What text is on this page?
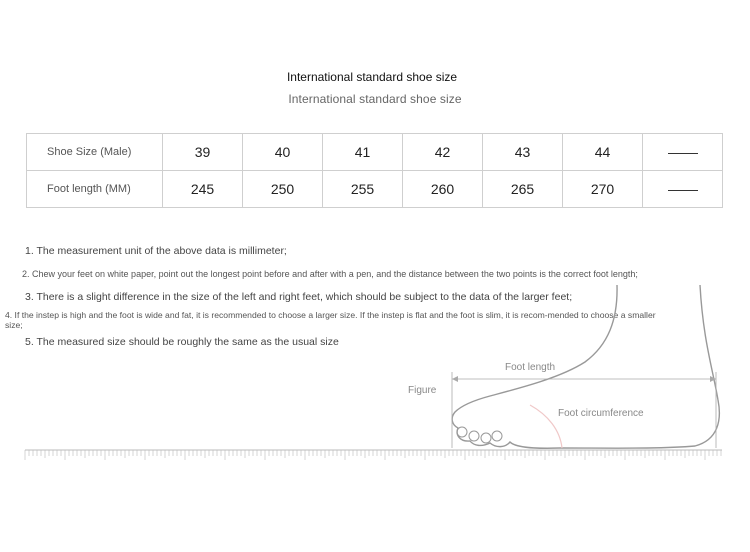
International standard shoe size
International standard shoe size
Shoe Size (Male)	39	40	41	42	43	44	
Foot length (MM)	245	250	255	260	265	270	
1. The measurement unit of the above data is millimeter;
2. Chew your feet on white paper, point out the longest point before and after with a pen, and the distance between the two points is the correct foot length;
3. There is a slight difference in the size of the left and right feet, which should be subject to the data of the larger feet;
4. If the instep is high and the foot is wide and fat, it is recommended to choose a larger size. If the instep is flat and the foot is slim, it is recom-mended to choose a smaller size;
5. The measured size should be roughly the same as the usual size
Figure
Foot length
Foot circumference
